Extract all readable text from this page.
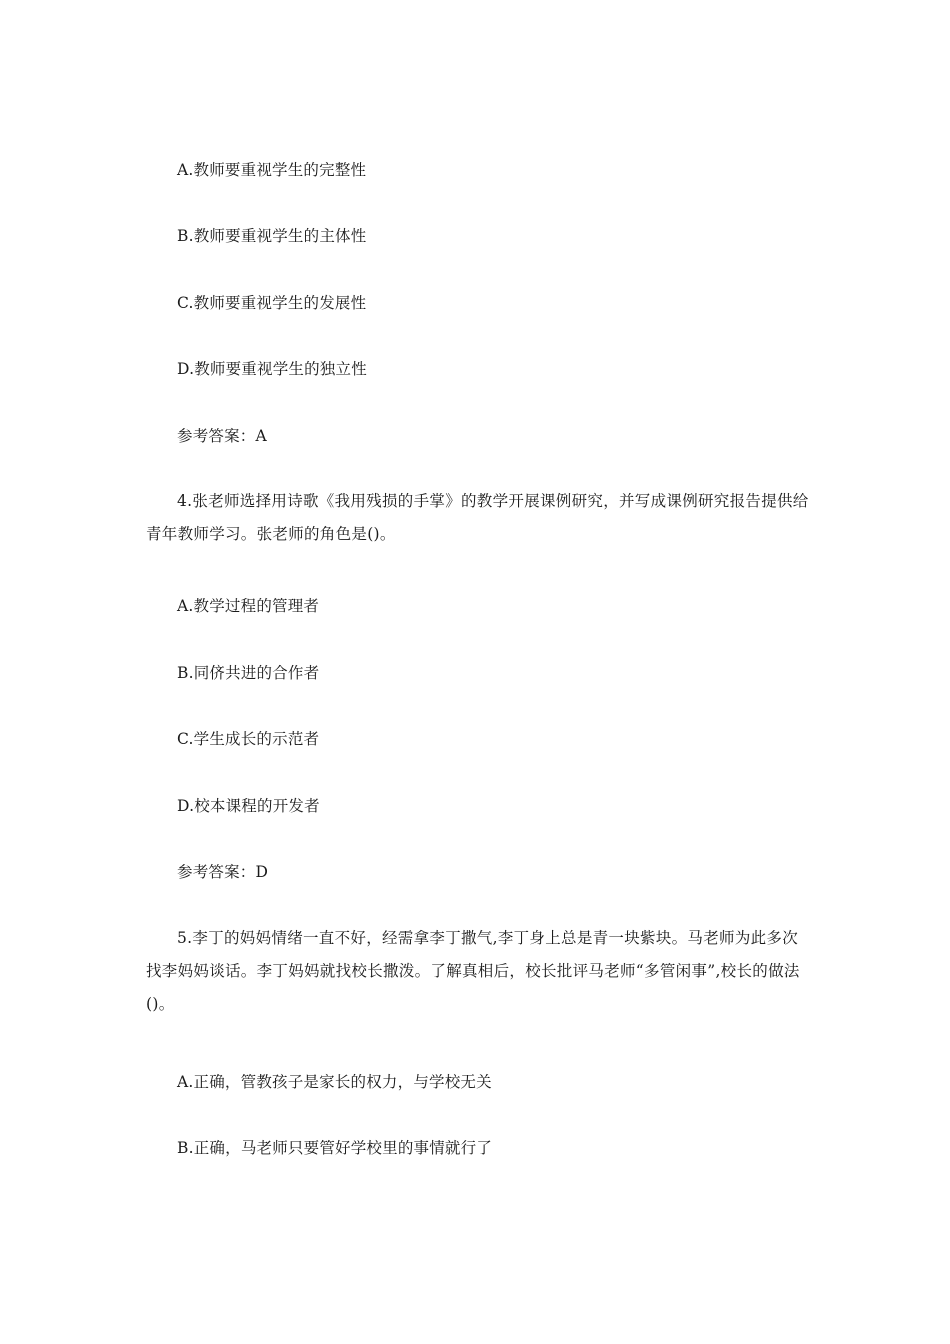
A.教师要重视学生的完整性
B.教师要重视学生的主体性
C.教师要重视学生的发展性
D.教师要重视学生的独立性
参考答案：A
4.张老师选择用诗歌《我用残损的手掌》的教学开展课例研究，并写成课例研究报告提供给青年教师学习。张老师的角色是()。
A.教学过程的管理者
B.同侪共进的合作者
C.学生成长的示范者
D.校本课程的开发者
参考答案：D
5.李丁的妈妈情绪一直不好，经需拿李丁撒气,李丁身上总是青一块紫块。马老师为此多次找李妈妈谈话。李丁妈妈就找校长撒泼。了解真相后，校长批评马老师“多管闲事”,校长的做法()。
A.正确，管教孩子是家长的权力，与学校无关
B.正确，马老师只要管好学校里的事情就行了
